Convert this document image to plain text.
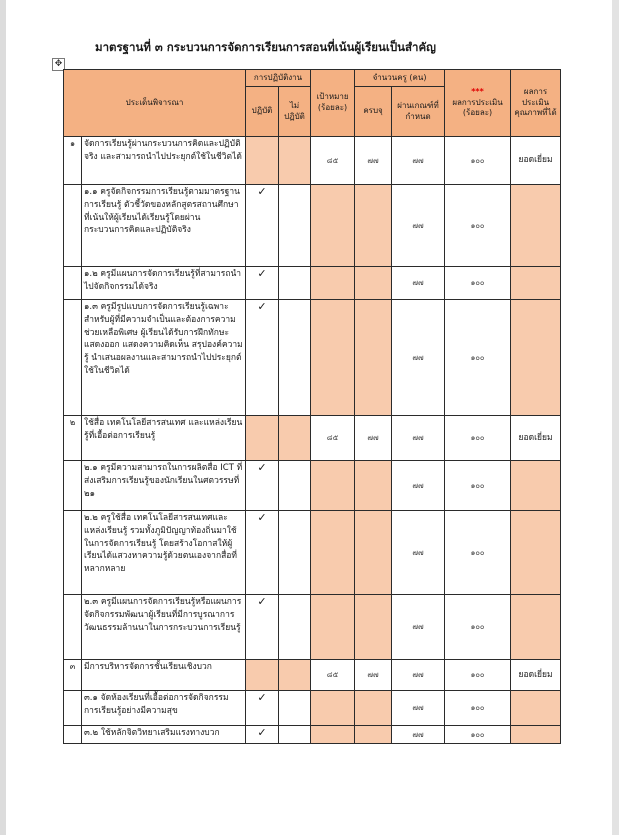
มาตรฐานที่ ๓ กระบวนการจัดการเรียนการสอนที่เน้นผู้เรียนเป็นสำคัญ
✥
ประเด็นพิจารณา		การปฏิบัติงาน		เป้าหมาย (ร้อยละ)	จำนวนครู (คน)		***
ผลการประเมิน (ร้อยละ)	ผลการประเมิน คุณภาพที่ได้
		ปฏิบัติ	ไม่ปฏิบัติ		ครบจุ	ผ่านเกณฑ์ที่กำหนด		

๑	จัดการเรียนรู้ผ่านกระบวนการคิดและปฏิบัติจริง และสามารถนำไปประยุกต์ใช้ในชีวิตได้			๘๕	๗๗	๗๗	๑๐๐	ยอดเยี่ยม
	๑.๑ ครูจัดกิจกรรมการเรียนรู้ตามมาตรฐานการเรียนรู้ ตัวชี้วัดของหลักสูตรสถานศึกษาที่เน้นให้ผู้เรียนได้เรียนรู้โดยผ่านกระบวนการคิดและปฏิบัติจริง	✓				๗๗	๑๐๐	
	๑.๒ ครูมีแผนการจัดการเรียนรู้ที่สามารถนำไปจัดกิจกรรมได้จริง	✓				๗๗	๑๐๐	
	๑.๓ ครูมีรูปแบบการจัดการเรียนรู้เฉพาะสำหรับผู้ที่มีความจำเป็นและต้องการความช่วยเหลือพิเศษ ผู้เรียนได้รับการฝึกทักษะแสดงออก แสดงความคิดเห็น สรุปองค์ความรู้ นำเสนอผลงานและสามารถนำไปประยุกต์ใช้ในชีวิตได้	✓				๗๗	๑๐๐	
๒	ใช้สื่อ เทคโนโลยีสารสนเทศ และแหล่งเรียนรู้ที่เอื้อต่อการเรียนรู้			๘๕	๗๗	๗๗	๑๐๐	ยอดเยี่ยม
	๒.๑ ครูมีความสามารถในการผลิตสื่อ ICT ที่ส่งเสริมการเรียนรู้ของนักเรียนในศตวรรษที่ ๒๑	✓				๗๗	๑๐๐	
	๒.๒ ครูใช้สื่อ เทคโนโลยีสารสนเทศและแหล่งเรียนรู้ รวมทั้งภูมิปัญญาท้องถิ่นมาใช้ในการจัดการเรียนรู้ โดยสร้างโอกาสให้ผู้เรียนได้แสวงหาความรู้ด้วยตนเองจากสื่อที่หลากหลาย	✓				๗๗	๑๐๐	
	๒.๓ ครูมีแผนการจัดการเรียนรู้หรือแผนการจัดกิจกรรมพัฒนาผู้เรียนที่มีการบูรณาการวัฒนธรรมล้านนาในการกระบวนการเรียนรู้	✓				๗๗	๑๐๐	
๓	มีการบริหารจัดการชั้นเรียนเชิงบวก			๘๕	๗๗	๗๗	๑๐๐	ยอดเยี่ยม
	๓.๑ จัดห้องเรียนที่เอื้อต่อการจัดกิจกรรมการเรียนรู้อย่างมีความสุข	✓				๗๗	๑๐๐	
	๓.๒ ใช้หลักจิตวิทยาเสริมแรงทางบวก	✓				๗๗	๑๐๐	
